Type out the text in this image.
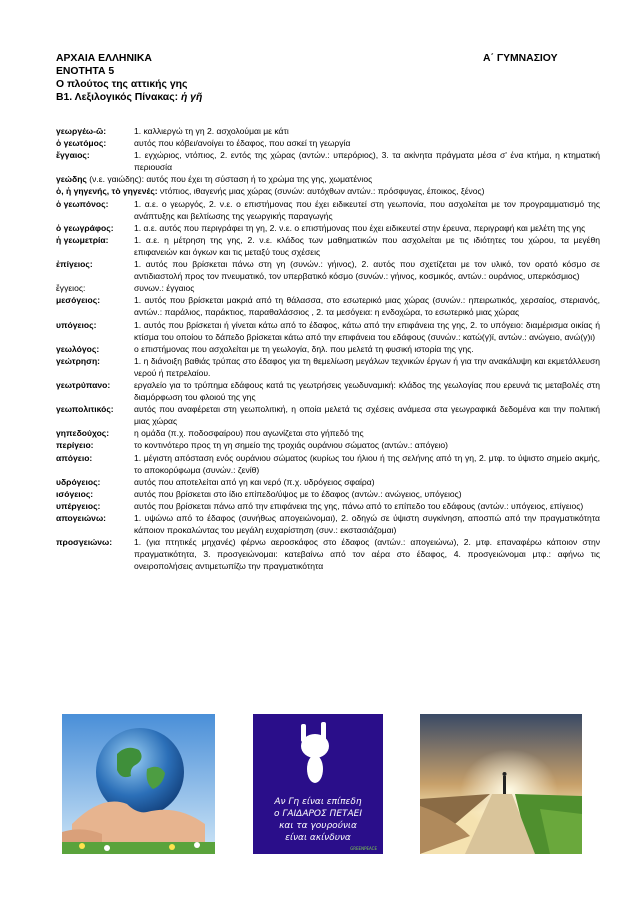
ΑΡΧΑΙΑ ΕΛΛΗΝΙΚΑ	Α΄ ΓΥΜΝΑΣΙΟΥ
ΕΝΟΤΗΤΑ 5
Ο πλούτος της αττικής γης
Β1. Λεξιλογικός Πίνακας: ἡ γῆ
γεωργέω-ῶ:	1. καλλιεργώ τη γη 2. ασχολούμαι με κάτι
ὁ γεωτόμος:	αυτός που κόβει/ανοίγει το έδαφος, που ασκεί τη γεωργία
ἔγγαιος:	1. εγχώριος, ντόπιος, 2. εντός της χώρας (αντών.: υπερόριος), 3. τα ακίνητα πράγματα μέσα σ' ένα κτήμα, η κτηματική περιουσία
γεώδης (ν.ε. γαιώδης): αυτός που έχει τη σύσταση ή το χρώμα της γης, χωματένιος
ὁ, ἡ γηγενής, τὸ γηγενές: ντόπιος, ιθαγενής μιας χώρας (συνών: αυτόχθων αντών.: πρόσφυγας, έποικος, ξένος)
ὁ γεωπόνος:	1. α.ε. ο γεωργός, 2. ν.ε. ο επιστήμονας που έχει ειδικευτεί στη γεωπονία, που ασχολείται με τον προγραμματισμό της ανάπτυξης και βελτίωσης της γεωργικής παραγωγής
ὁ γεωγράφος:	1. α.ε. αυτός που περιγράφει τη γη, 2. ν.ε. ο επιστήμονας που έχει ειδικευτεί στην έρευνα, περιγραφή και μελέτη της γης
ἡ γεωμετρία:	1. α.ε. η μέτρηση της γης, 2. ν.ε. κλάδος των μαθηματικών που ασχολείται με τις ιδιότητες του χώρου, τα μεγέθη επιφανειών και όγκων και τις μεταξύ τους σχέσεις
ἐπίγειος:	1. αυτός που βρίσκεται πάνω στη γη (συνών.: γήινος), 2. αυτός που σχετίζεται με τον υλικό, τον ορατό κόσμο σε αντιδιαστολή προς τον πνευματικό, τον υπερβατικό κόσμο (συνών.: γήινος, κοσμικός, αντών.: ουράνιος, υπερκόσμιος)
ἔγγειος:	συνων.: έγγαιος
μεσόγειος:	1. αυτός που βρίσκεται μακριά από τη θάλασσα, στο εσωτερικό μιας χώρας (συνών.: ηπειρωτικός, χερσαίος, στεριανός, αντών.: παράλιος, παράκτιος, παραθαλάσσιος , 2. τα μεσόγεια: η ενδοχώρα, το εσωτερικό μιας χώρας
υπόγειος:	1. αυτός που βρίσκεται ή γίνεται κάτω από το έδαφος, κάτω από την επιφάνεια της γης, 2. το υπόγειο: διαμέρισμα οικίας ή κτίσμα του οποίου το δάπεδο βρίσκεται κάτω από την επιφάνεια του εδάφους (συνών.: κατώ(γ)ϊ, αντών.: ανώγειο, ανώ(γ)ι)
γεωλόγος:	ο επιστήμονας που ασχολείται με τη γεωλογία, δηλ. που μελετά τη φυσική ιστορία της γης.
γεώτρηση:	1. η διάνοιξη βαθιάς τρύπας στο έδαφος για τη θεμελίωση μεγάλων τεχνικών έργων ή για την ανακάλυψη και εκμετάλλευση νερού ή πετρελαίου.
γεωτρύπανο:	εργαλείο για το τρύπημα εδάφους κατά τις γεωτρήσεις γεωδυναμική: κλάδος της γεωλογίας που ερευνά τις μεταβολές στη διαμόρφωση του φλοιού της γης
γεωπολιτικός:	αυτός που αναφέρεται στη γεωπολιτική, η οποία μελετά τις σχέσεις ανάμεσα στα γεωγραφικά δεδομένα και την πολιτική μιας χώρας
γηπεδούχος:	η ομάδα (π.χ. ποδοσφαίρου) που αγωνίζεται στο γήπεδό της
περίγειο:	το κοντινότερο προς τη γη σημείο της τροχιάς ουράνιου σώματος (αντών.: απόγειο)
απόγειο:	1. μέγιστη απόσταση ενός ουράνιου σώματος (κυρίως του ήλιου ή της σελήνης από τη γη, 2. μτφ. το ύψιστο σημείο ακμής, το αποκορύφωμα (συνών.: ζενίθ)
υδρόγειος:	αυτός που αποτελείται από γη και νερό (π.χ. υδρόγειος σφαίρα)
ισόγειος:	αυτός που βρίσκεται στο ίδιο επίπεδο/ύψος με το έδαφος (αντών.: ανώγειος, υπόγειος)
υπέργειος:	αυτός που βρίσκεται πάνω από την επιφάνεια της γης, πάνω από το επίπεδο του εδάφους (αντών.: υπόγειος, επίγειος)
απογειώνω:	1. υψώνω από το έδαφος (συνήθως απογειώνομαι), 2. οδηγώ σε ύψιστη συγκίνηση, αποσπώ από την πραγματικότητα κάποιον προκαλώντας του μεγάλη ευχαρίστηση (συν.: εκστασιάζομαι)
προσγειώνω:	1. (για πτητικές μηχανές) φέρνω αεροσκάφος στο έδαφος (αντών.: απογειώνω), 2. μτφ. επαναφέρω κάποιον στην πραγματικότητα, 3. προσγειώνομαι: κατεβαίνω από τον αέρα στο έδαφος, 4. προσγειώνομαι μτφ.: αφήνω τις ονειροπολήσεις αντιμετωπίζω την πραγματικότητα
Αν Γη είναι επίπεδη
ο ΓΑΙΔΑΡΟΣ ΠΕΤΑΕΙ
και τα γουρούνια
είναι ακίνδυνα
GREENPEACE
